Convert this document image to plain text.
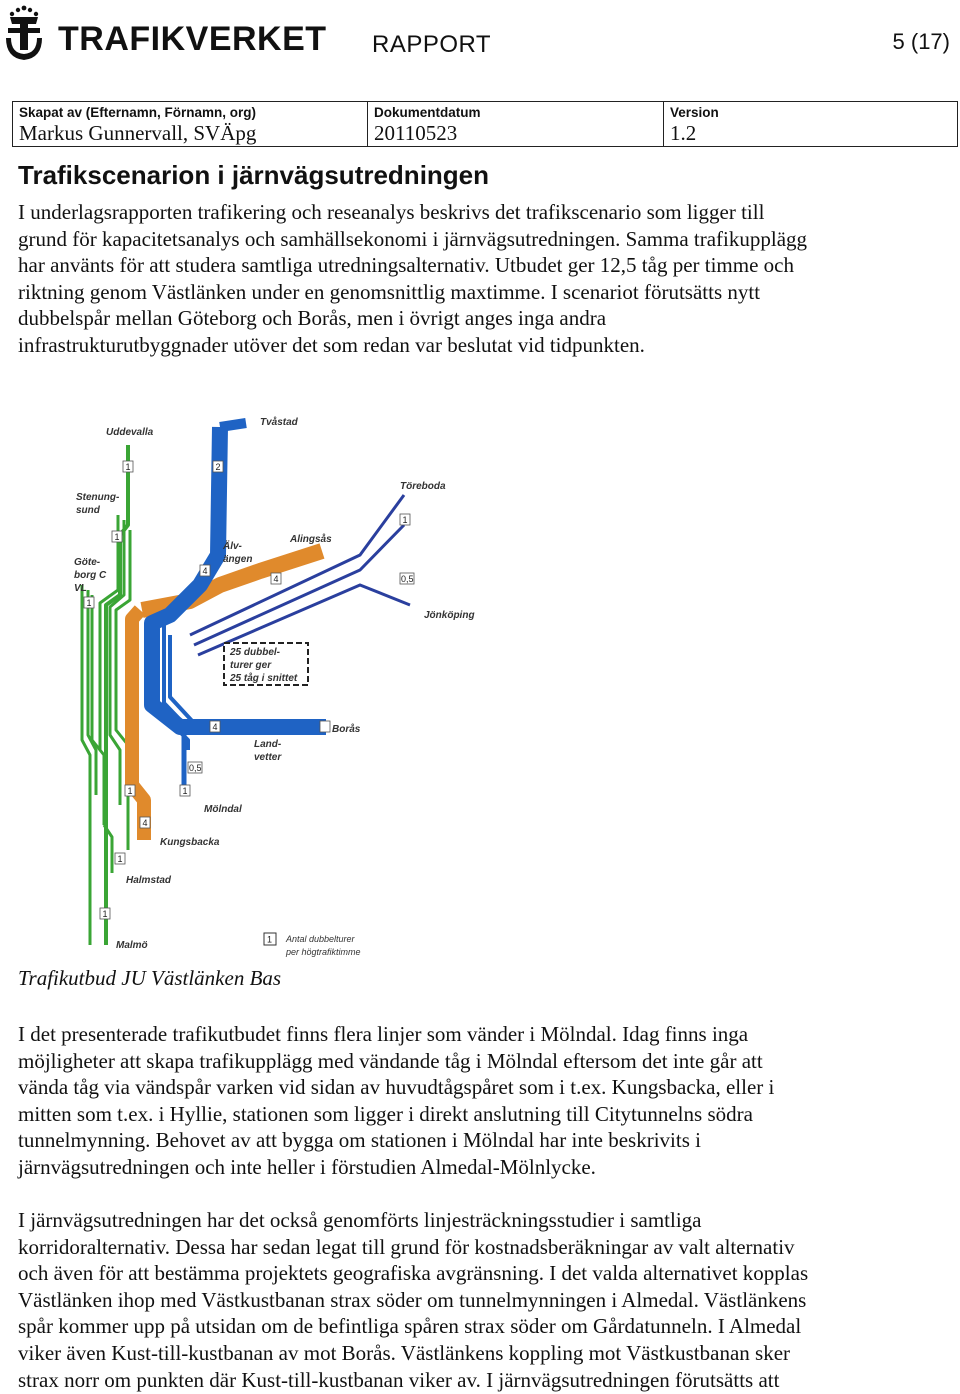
TRAFIKVERKET RAPPORT	5 (17)
Skapat av (Efternamn, Förnamn, org)
Markus Gunnervall, SVÄpg
Dokumentdatum
20110523
Version
1.2
Trafikscenarion i järnvägsutredningen

I underlagsrapporten trafikering och reseanalys beskrivs det trafikscenario som ligger till
grund för kapacitetsanalys och samhällsekonomi i järnvägsutredningen. Samma trafikupplägg
har använts för att studera samtliga utredningsalternativ. Utbudet ger 12,5 tåg per timme och
riktning genom Västlänken under en genomsnittlig maxtimme. I scenariot förutsätts nytt
dubbelspår mellan Göteborg och Borås, men i övrigt anges inga andra
infrastrukturutbyggnader utöver det som redan var beslutat vid tidpunkten.

25 dubbel-
turer ger
25 tåg i snittet
Uddevalla
Tvåstad
Stenung-
sund
Töreboda
Göte-
borg C
VL
Älv-
ängen
Alingsås
Jönköping
Borås
Land-
vetter
Mölndal
Kungsbacka
Halmstad
Malmö
1	2
1
1
4
4
1
0,5
4
0,5
1
1
4
1
1
1 Antal dubbelturer
per högtrafiktimme
Trafikutbud JU Västlänken Bas

I det presenterade trafikutbudet finns flera linjer som vänder i Mölndal. Idag finns inga
möjligheter att skapa trafikupplägg med vändande tåg i Mölndal eftersom det inte går att
vända tåg via vändspår varken vid sidan av huvudtågspåret som i t.ex. Kungsbacka, eller i
mitten som t.ex. i Hyllie, stationen som ligger i direkt anslutning till Citytunnelns södra
tunnelmynning. Behovet av att bygga om stationen i Mölndal har inte beskrivits i
järnvägsutredningen och inte heller i förstudien Almedal-Mölnlycke.

I järnvägsutredningen har det också genomförts linjesträckningsstudier i samtliga
korridoralternativ. Dessa har sedan legat till grund för kostnadsberäkningar av valt alternativ
och även för att bestämma projektets geografiska avgränsning. I det valda alternativet kopplas
Västlänken ihop med Västkustbanan strax söder om tunnelmynningen i Almedal. Västlänkens
spår kommer upp på utsidan om de befintliga spåren strax söder om Gårdatunneln. I Almedal
viker även Kust-till-kustbanan av mot Borås. Västlänkens koppling mot Västkustbanan sker
strax norr om punkten där Kust-till-kustbanan viker av. I järnvägsutredningen förutsätts att
